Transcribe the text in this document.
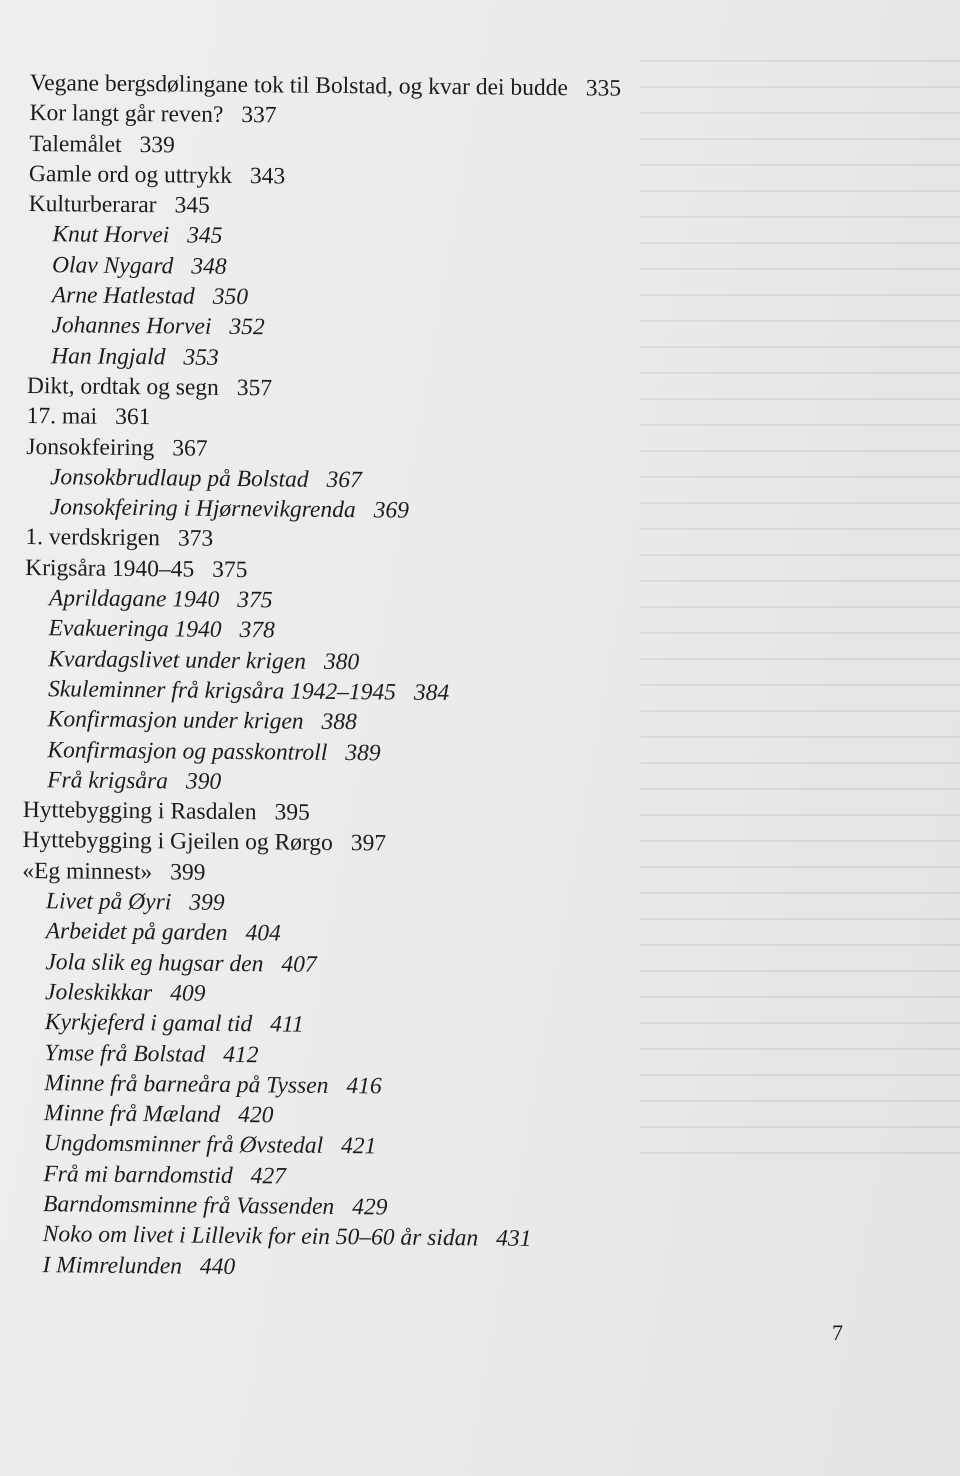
Vegane bergsdølingane tok til Bolstad, og kvar dei budde 335
Kor langt går reven? 337
Talemålet 339
Gamle ord og uttrykk 343
Kulturberarar 345
Knut Horvei 345
Olav Nygard 348
Arne Hatlestad 350
Johannes Horvei 352
Han Ingjald 353
Dikt, ordtak og segn 357
17. mai 361
Jonsokfeiring 367
Jonsokbrudlaup på Bolstad 367
Jonsokfeiring i Hjørnevikgrenda 369
1. verdskrigen 373
Krigsåra 1940–45 375
Aprildagane 1940 375
Evakueringa 1940 378
Kvardagslivet under krigen 380
Skuleminner frå krigsåra 1942–1945 384
Konfirmasjon under krigen 388
Konfirmasjon og passkontroll 389
Frå krigsåra 390
Hyttebygging i Rasdalen 395
Hyttebygging i Gjeilen og Rørgo 397
«Eg minnest» 399
Livet på Øyri 399
Arbeidet på garden 404
Jola slik eg hugsar den 407
Joleskikkar 409
Kyrkjeferd i gamal tid 411
Ymse frå Bolstad 412
Minne frå barneåra på Tyssen 416
Minne frå Mæland 420
Ungdomsminner frå Øvstedal 421
Frå mi barndomstid 427
Barndomsminne frå Vassenden 429
Noko om livet i Lillevik for ein 50–60 år sidan 431
I Mimrelunden 440
7
